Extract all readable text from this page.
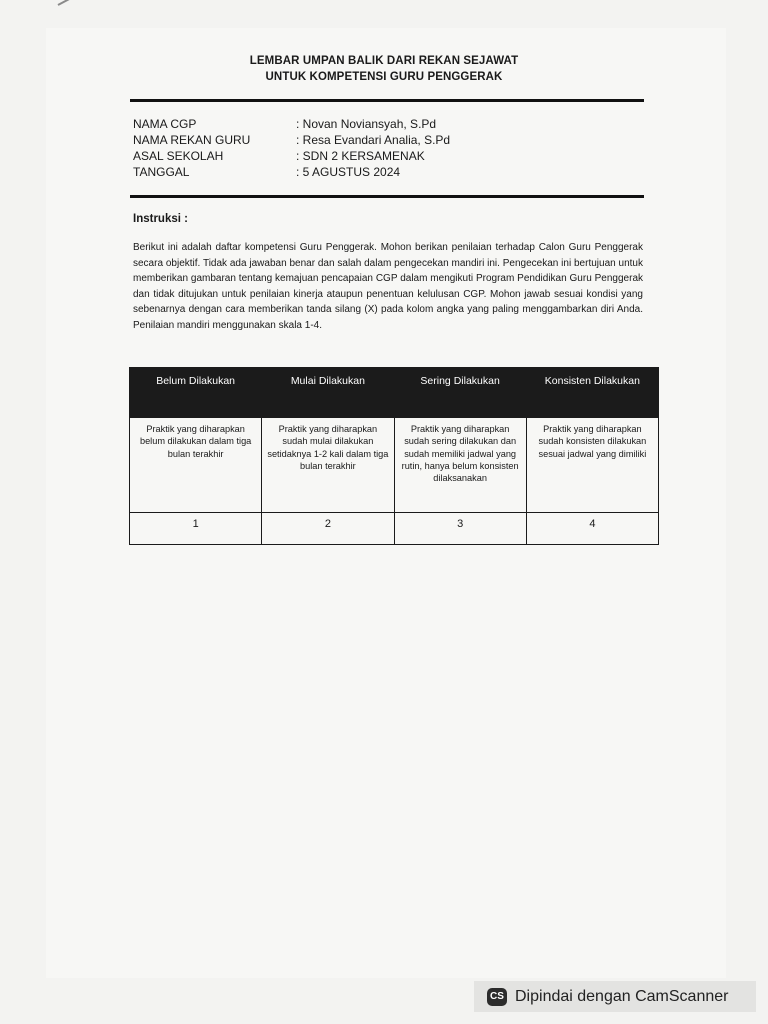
LEMBAR UMPAN BALIK DARI REKAN SEJAWAT
UNTUK KOMPETENSI GURU PENGGERAK
NAMA CGP	: Novan Noviansyah, S.Pd
NAMA REKAN GURU	: Resa Evandari Analia, S.Pd
ASAL SEKOLAH	: SDN 2 KERSAMENAK
TANGGAL	: 5 AGUSTUS 2024
Instruksi :
Berikut ini adalah daftar kompetensi Guru Penggerak. Mohon berikan penilaian terhadap Calon Guru Penggerak secara objektif. Tidak ada jawaban benar dan salah dalam pengecekan mandiri ini. Pengecekan ini bertujuan untuk memberikan gambaran tentang kemajuan pencapaian CGP dalam mengikuti Program Pendidikan Guru Penggerak dan tidak ditujukan untuk penilaian kinerja ataupun penentuan kelulusan CGP. Mohon jawab sesuai kondisi yang sebenarnya dengan cara memberikan tanda silang (X) pada kolom angka yang paling menggambarkan diri Anda. Penilaian mandiri menggunakan skala 1-4.
Belum Dilakukan	Mulai Dilakukan	Sering Dilakukan	Konsisten Dilakukan
Praktik yang diharapkan belum dilakukan dalam tiga bulan terakhir	Praktik yang diharapkan sudah mulai dilakukan setidaknya 1-2 kali dalam tiga bulan terakhir	Praktik yang diharapkan sudah sering dilakukan dan sudah memiliki jadwal yang rutin, hanya belum konsisten dilaksanakan	Praktik yang diharapkan sudah konsisten dilakukan sesuai jadwal yang dimiliki
1	2	3	4
CS Dipindai dengan CamScanner
